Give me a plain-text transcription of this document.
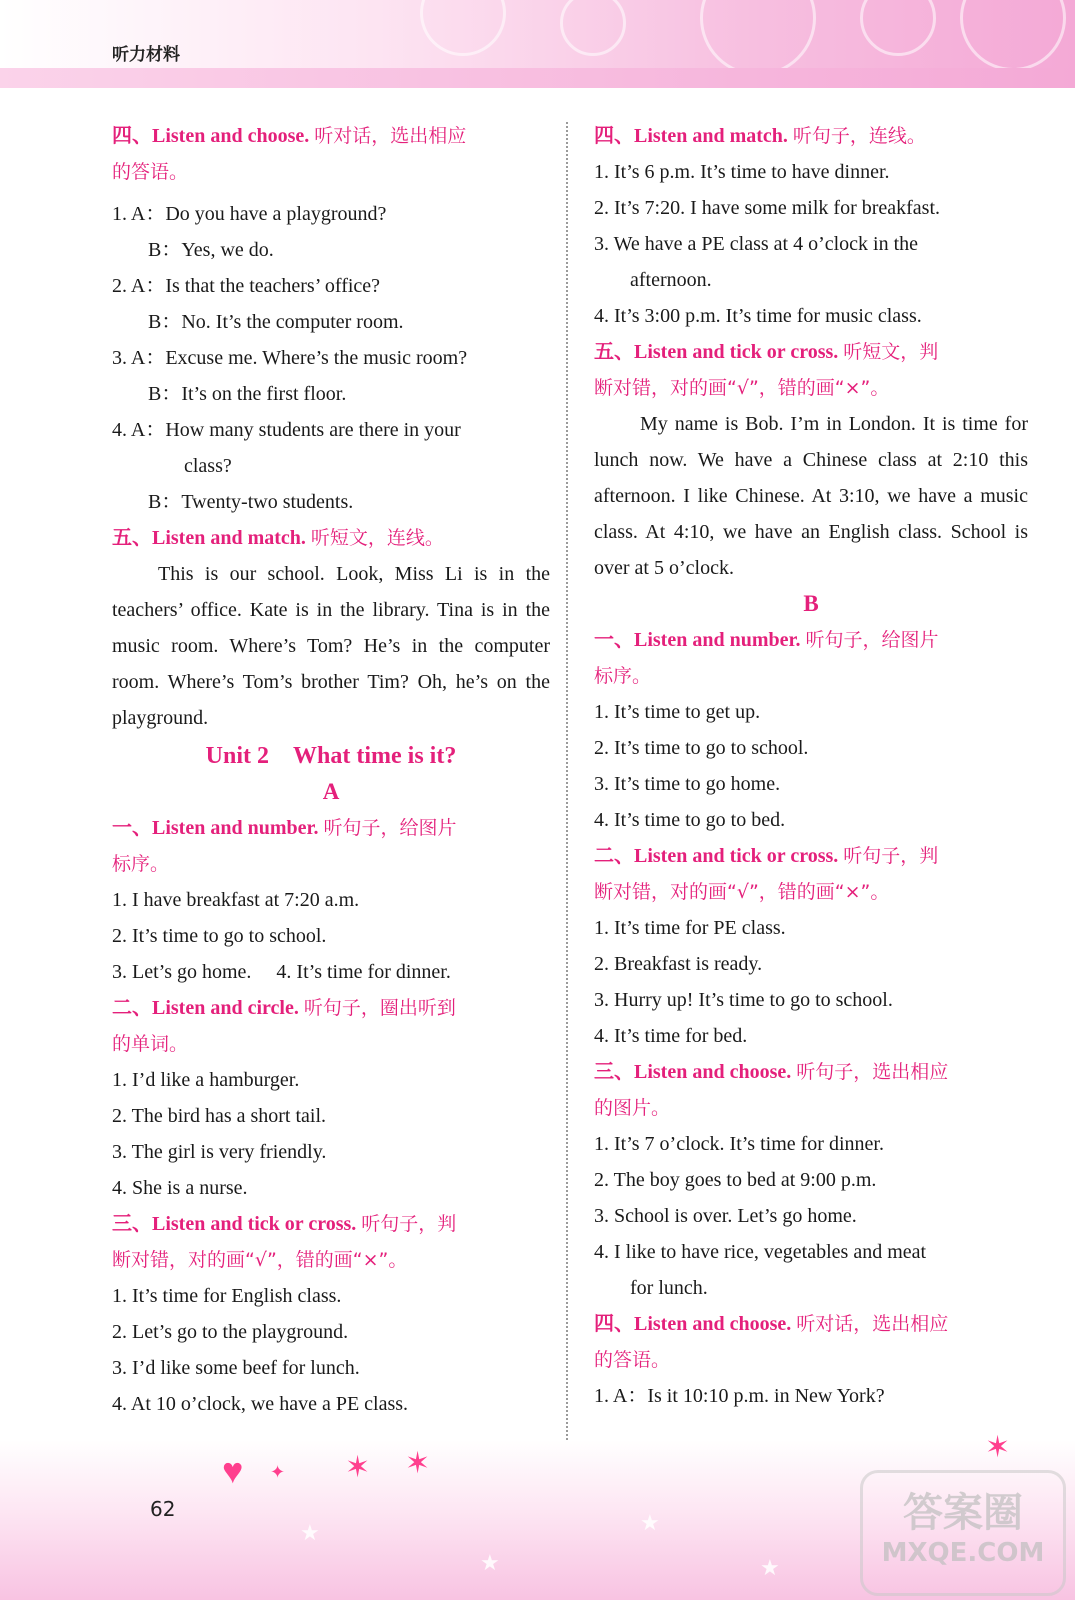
听力材料
四、Listen and choose. 听对话，选出相应
的答语。
1. A：Do you have a playground?
B：Yes, we do.
2. A：Is that the teachers’ office?
B：No. It’s the computer room.
3. A：Excuse me. Where’s the music room?
B：It’s on the first floor.
4. A：How many students are there in your
class?
B：Twenty-two students.
五、Listen and match. 听短文，连线。
This is our school. Look, Miss Li is in the teachers’ office. Kate is in the library. Tina is in the music room. Where’s Tom? He’s in the computer room. Where’s Tom’s brother Tim? Oh, he’s on the playground.
Unit 2　What time is it?
A
一、Listen and number. 听句子，给图片
标序。
1. I have breakfast at 7:20 a.m.
2. It’s time to go to school.
3. Let’s go home.　 4. It’s time for dinner.
二、Listen and circle. 听句子，圈出听到
的单词。
1. I’d like a hamburger.
2. The bird has a short tail.
3. The girl is very friendly.
4. She is a nurse.
三、Listen and tick or cross. 听句子，判
断对错，对的画“√”，错的画“×”。
1. It’s time for English class.
2. Let’s go to the playground.
3. I’d like some beef for lunch.
4. At 10 o’clock, we have a PE class.
四、Listen and match. 听句子，连线。
1. It’s 6 p.m. It’s time to have dinner.
2. It’s 7:20. I have some milk for breakfast.
3. We have a PE class at 4 o’clock in the
afternoon.
4. It’s 3:00 p.m. It’s time for music class.
五、Listen and tick or cross. 听短文，判
断对错，对的画“√”，错的画“×”。
My name is Bob. I’m in London. It is time for lunch now. We have a Chinese class at 2:10 this afternoon. I like Chinese. At 3:10, we have a music class. At 4:10, we have an English class. School is over at 5 o’clock.
B
一、Listen and number. 听句子，给图片
标序。
1. It’s time to get up.
2. It’s time to go to school.
3. It’s time to go home.
4. It’s time to go to bed.
二、Listen and tick or cross. 听句子，判
断对错，对的画“√”，错的画“×”。
1. It’s time for PE class.
2. Breakfast is ready.
3. Hurry up! It’s time to go to school.
4. It’s time for bed.
三、Listen and choose. 听句子，选出相应
的图片。
1. It’s 7 o’clock. It’s time for dinner.
2. The boy goes to bed at 9:00 p.m.
3. School is over. Let’s go home.
4. I like to have rice, vegetables and meat
for lunch.
四、Listen and choose. 听对话，选出相应
的答语。
1. A：Is it 10:10 p.m. in New York?
★
★
★
★
♥ ✦ ✶ ✶	✶
62	答案圈
MXQE.COM
